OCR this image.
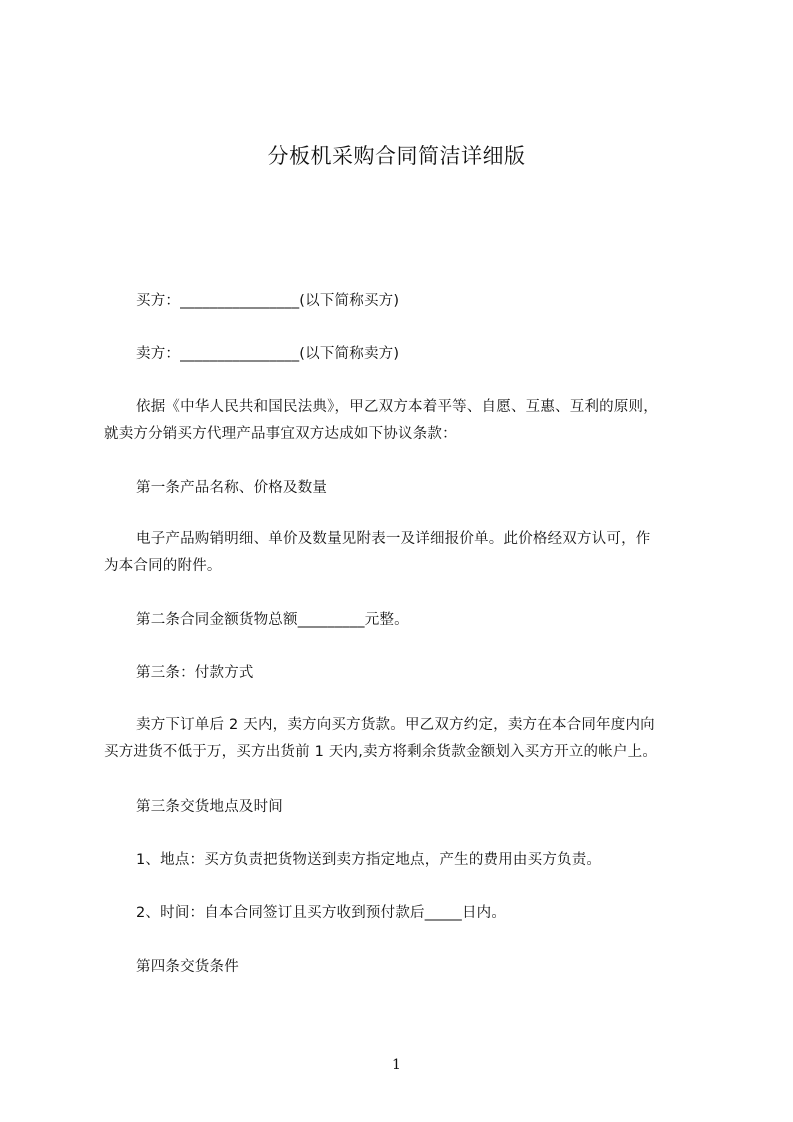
分板机采购合同简洁详细版
买方：________________(以下简称买方)
卖方：________________(以下简称卖方)
依据《中华人民共和国民法典》，甲乙双方本着平等、自愿、互惠、互利的原则，
就卖方分销买方代理产品事宜双方达成如下协议条款：
第一条产品名称、价格及数量
电子产品购销明细、单价及数量见附表一及详细报价单。此价格经双方认可，作
为本合同的附件。
第二条合同金额货物总额_________元整。
第三条：付款方式
卖方下订单后 2 天内，卖方向买方货款。甲乙双方约定，卖方在本合同年度内向
买方进货不低于万，买方出货前 1 天内,卖方将剩余货款金额划入买方开立的帐户上。
第三条交货地点及时间
1、地点：买方负责把货物送到卖方指定地点，产生的费用由买方负责。
2、时间：自本合同签订且买方收到预付款后_____日内。
第四条交货条件
1
